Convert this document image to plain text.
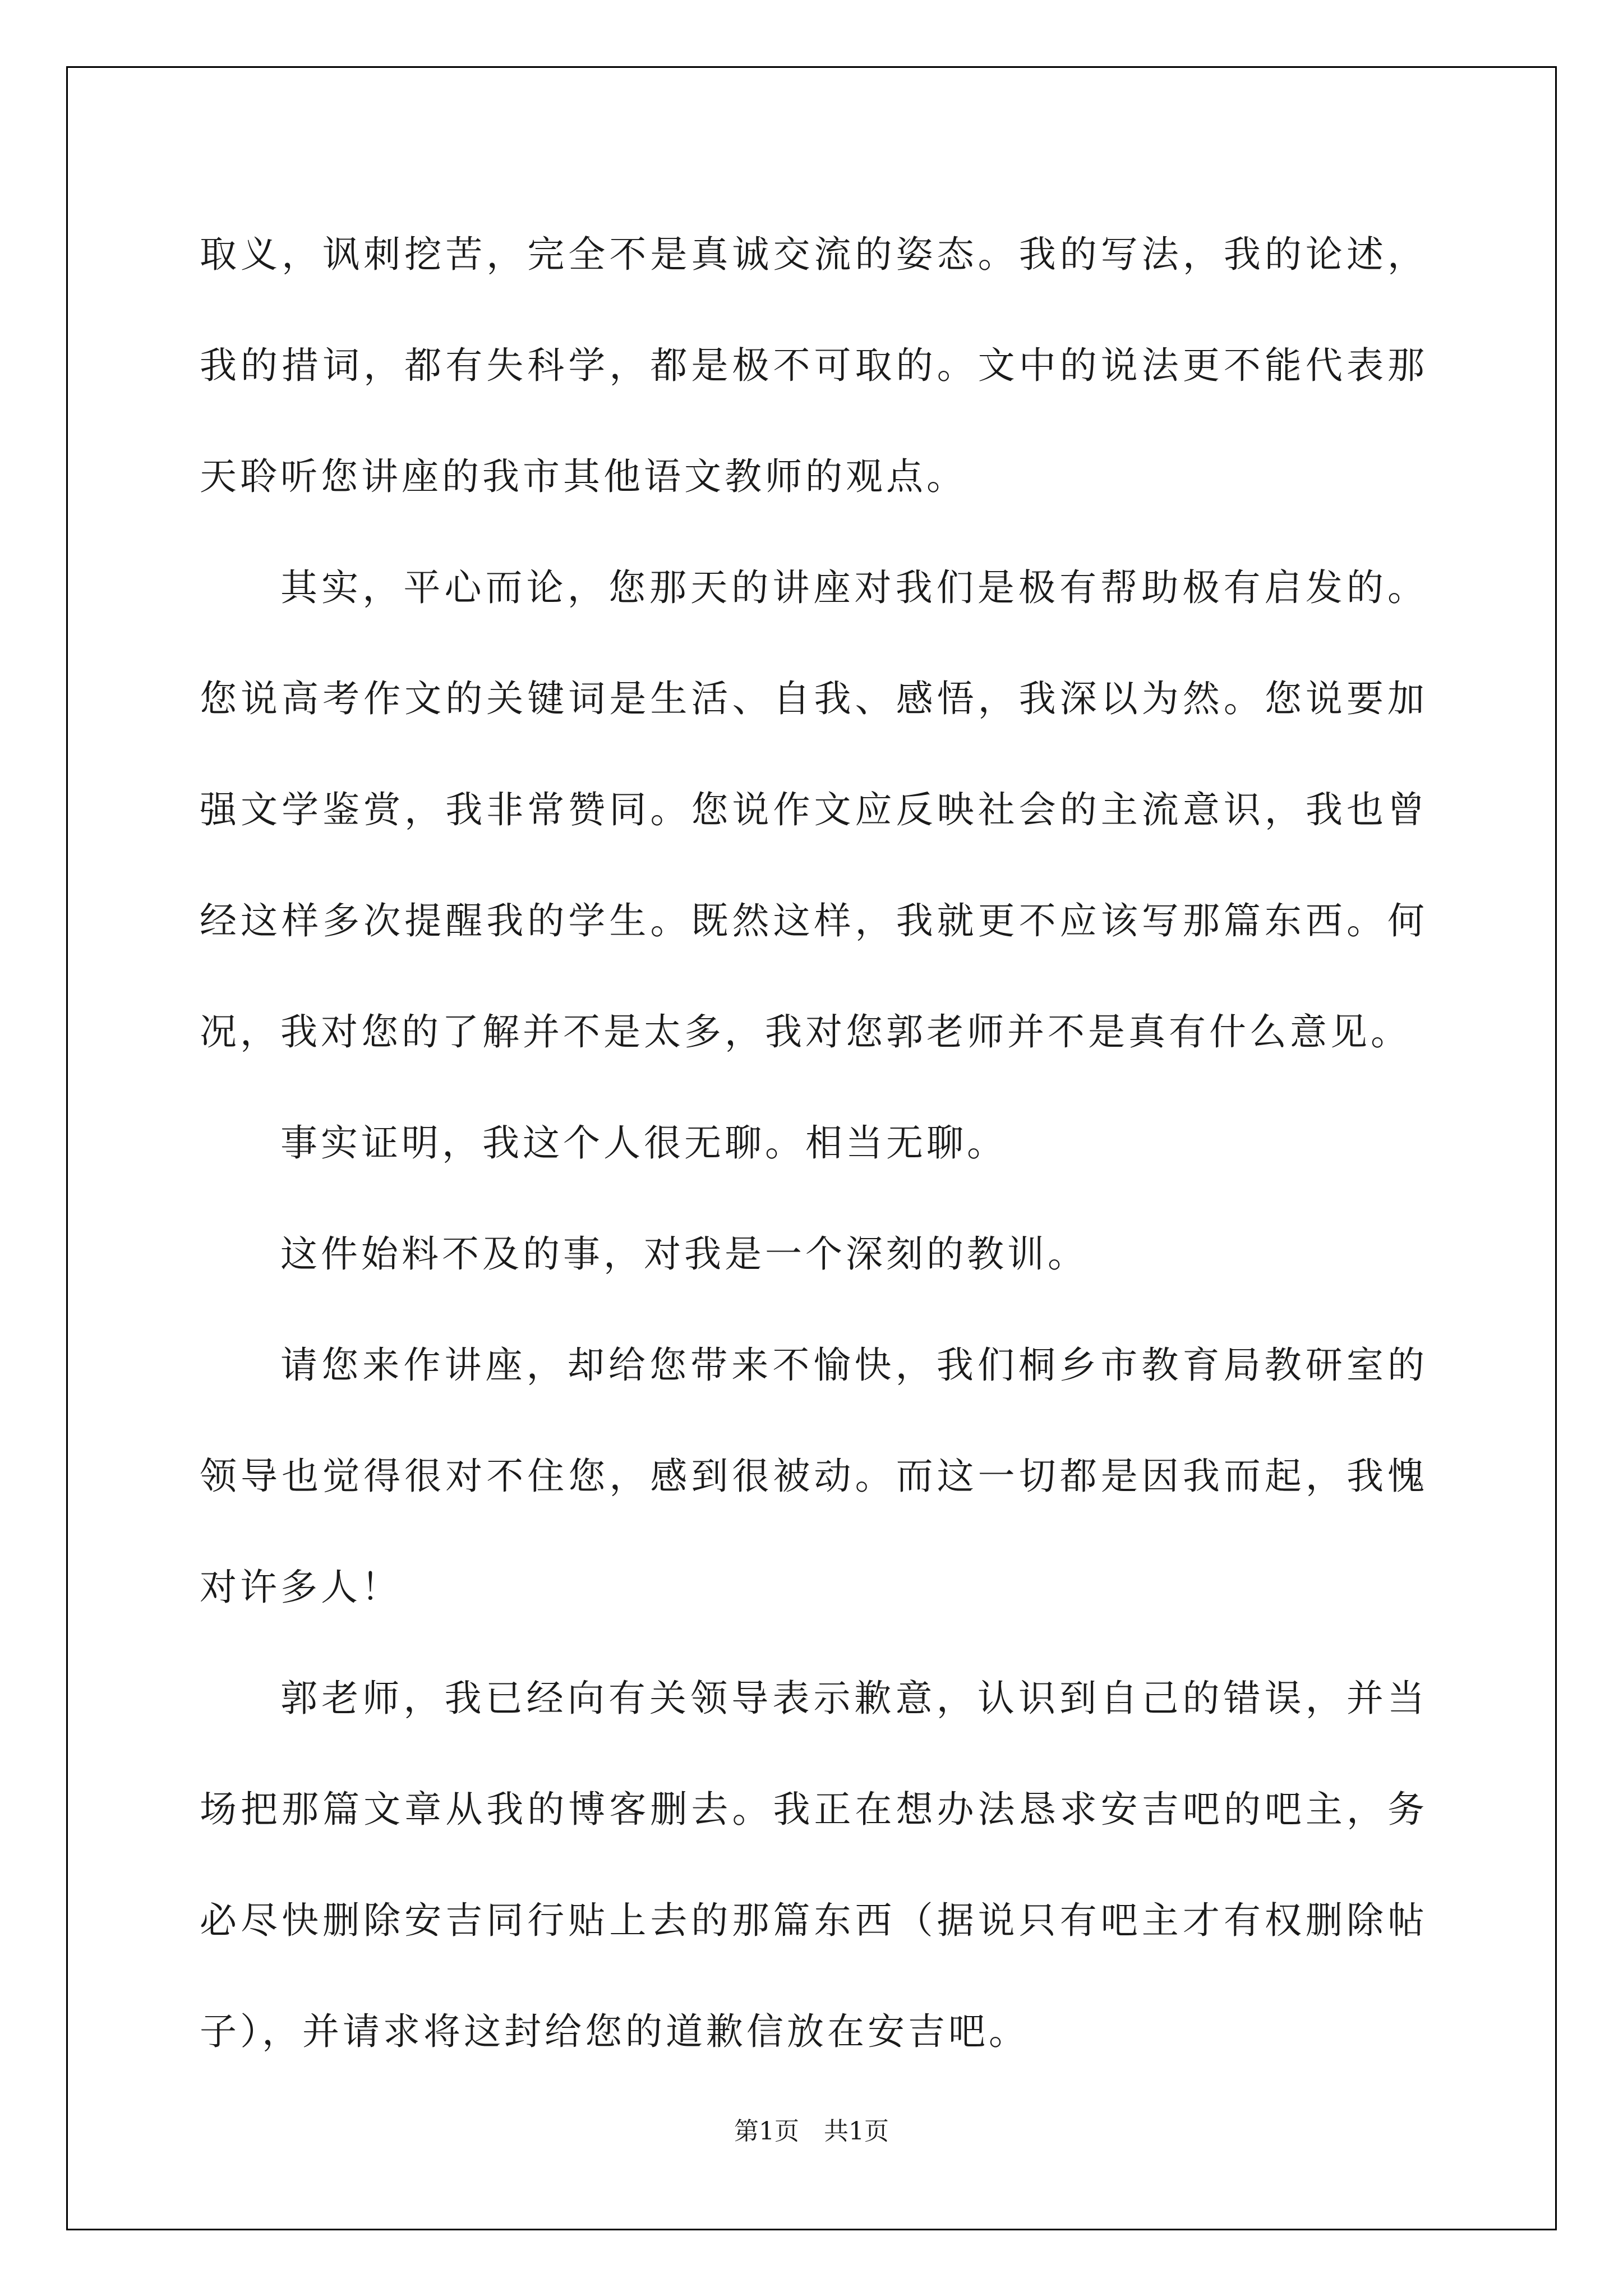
取义，讽刺挖苦，完全不是真诚交流的姿态。我的写法，我的论述，我的措词，都有失科学，都是极不可取的。文中的说法更不能代表那天聆听您讲座的我市其他语文教师的观点。

其实，平心而论，您那天的讲座对我们是极有帮助极有启发的。您说高考作文的关键词是生活、自我、感悟，我深以为然。您说要加强文学鉴赏，我非常赞同。您说作文应反映社会的主流意识，我也曾经这样多次提醒我的学生。既然这样，我就更不应该写那篇东西。何况，我对您的了解并不是太多，我对您郭老师并不是真有什么意见。

事实证明，我这个人很无聊。相当无聊。

这件始料不及的事，对我是一个深刻的教训。

请您来作讲座，却给您带来不愉快，我们桐乡市教育局教研室的领导也觉得很对不住您，感到很被动。而这一切都是因我而起，我愧对许多人！

郭老师，我已经向有关领导表示歉意，认识到自己的错误，并当场把那篇文章从我的博客删去。我正在想办法恳求安吉吧的吧主，务必尽快删除安吉同行贴上去的那篇东西（据说只有吧主才有权删除帖子），并请求将这封给您的道歉信放在安吉吧。

第1页　共1页
